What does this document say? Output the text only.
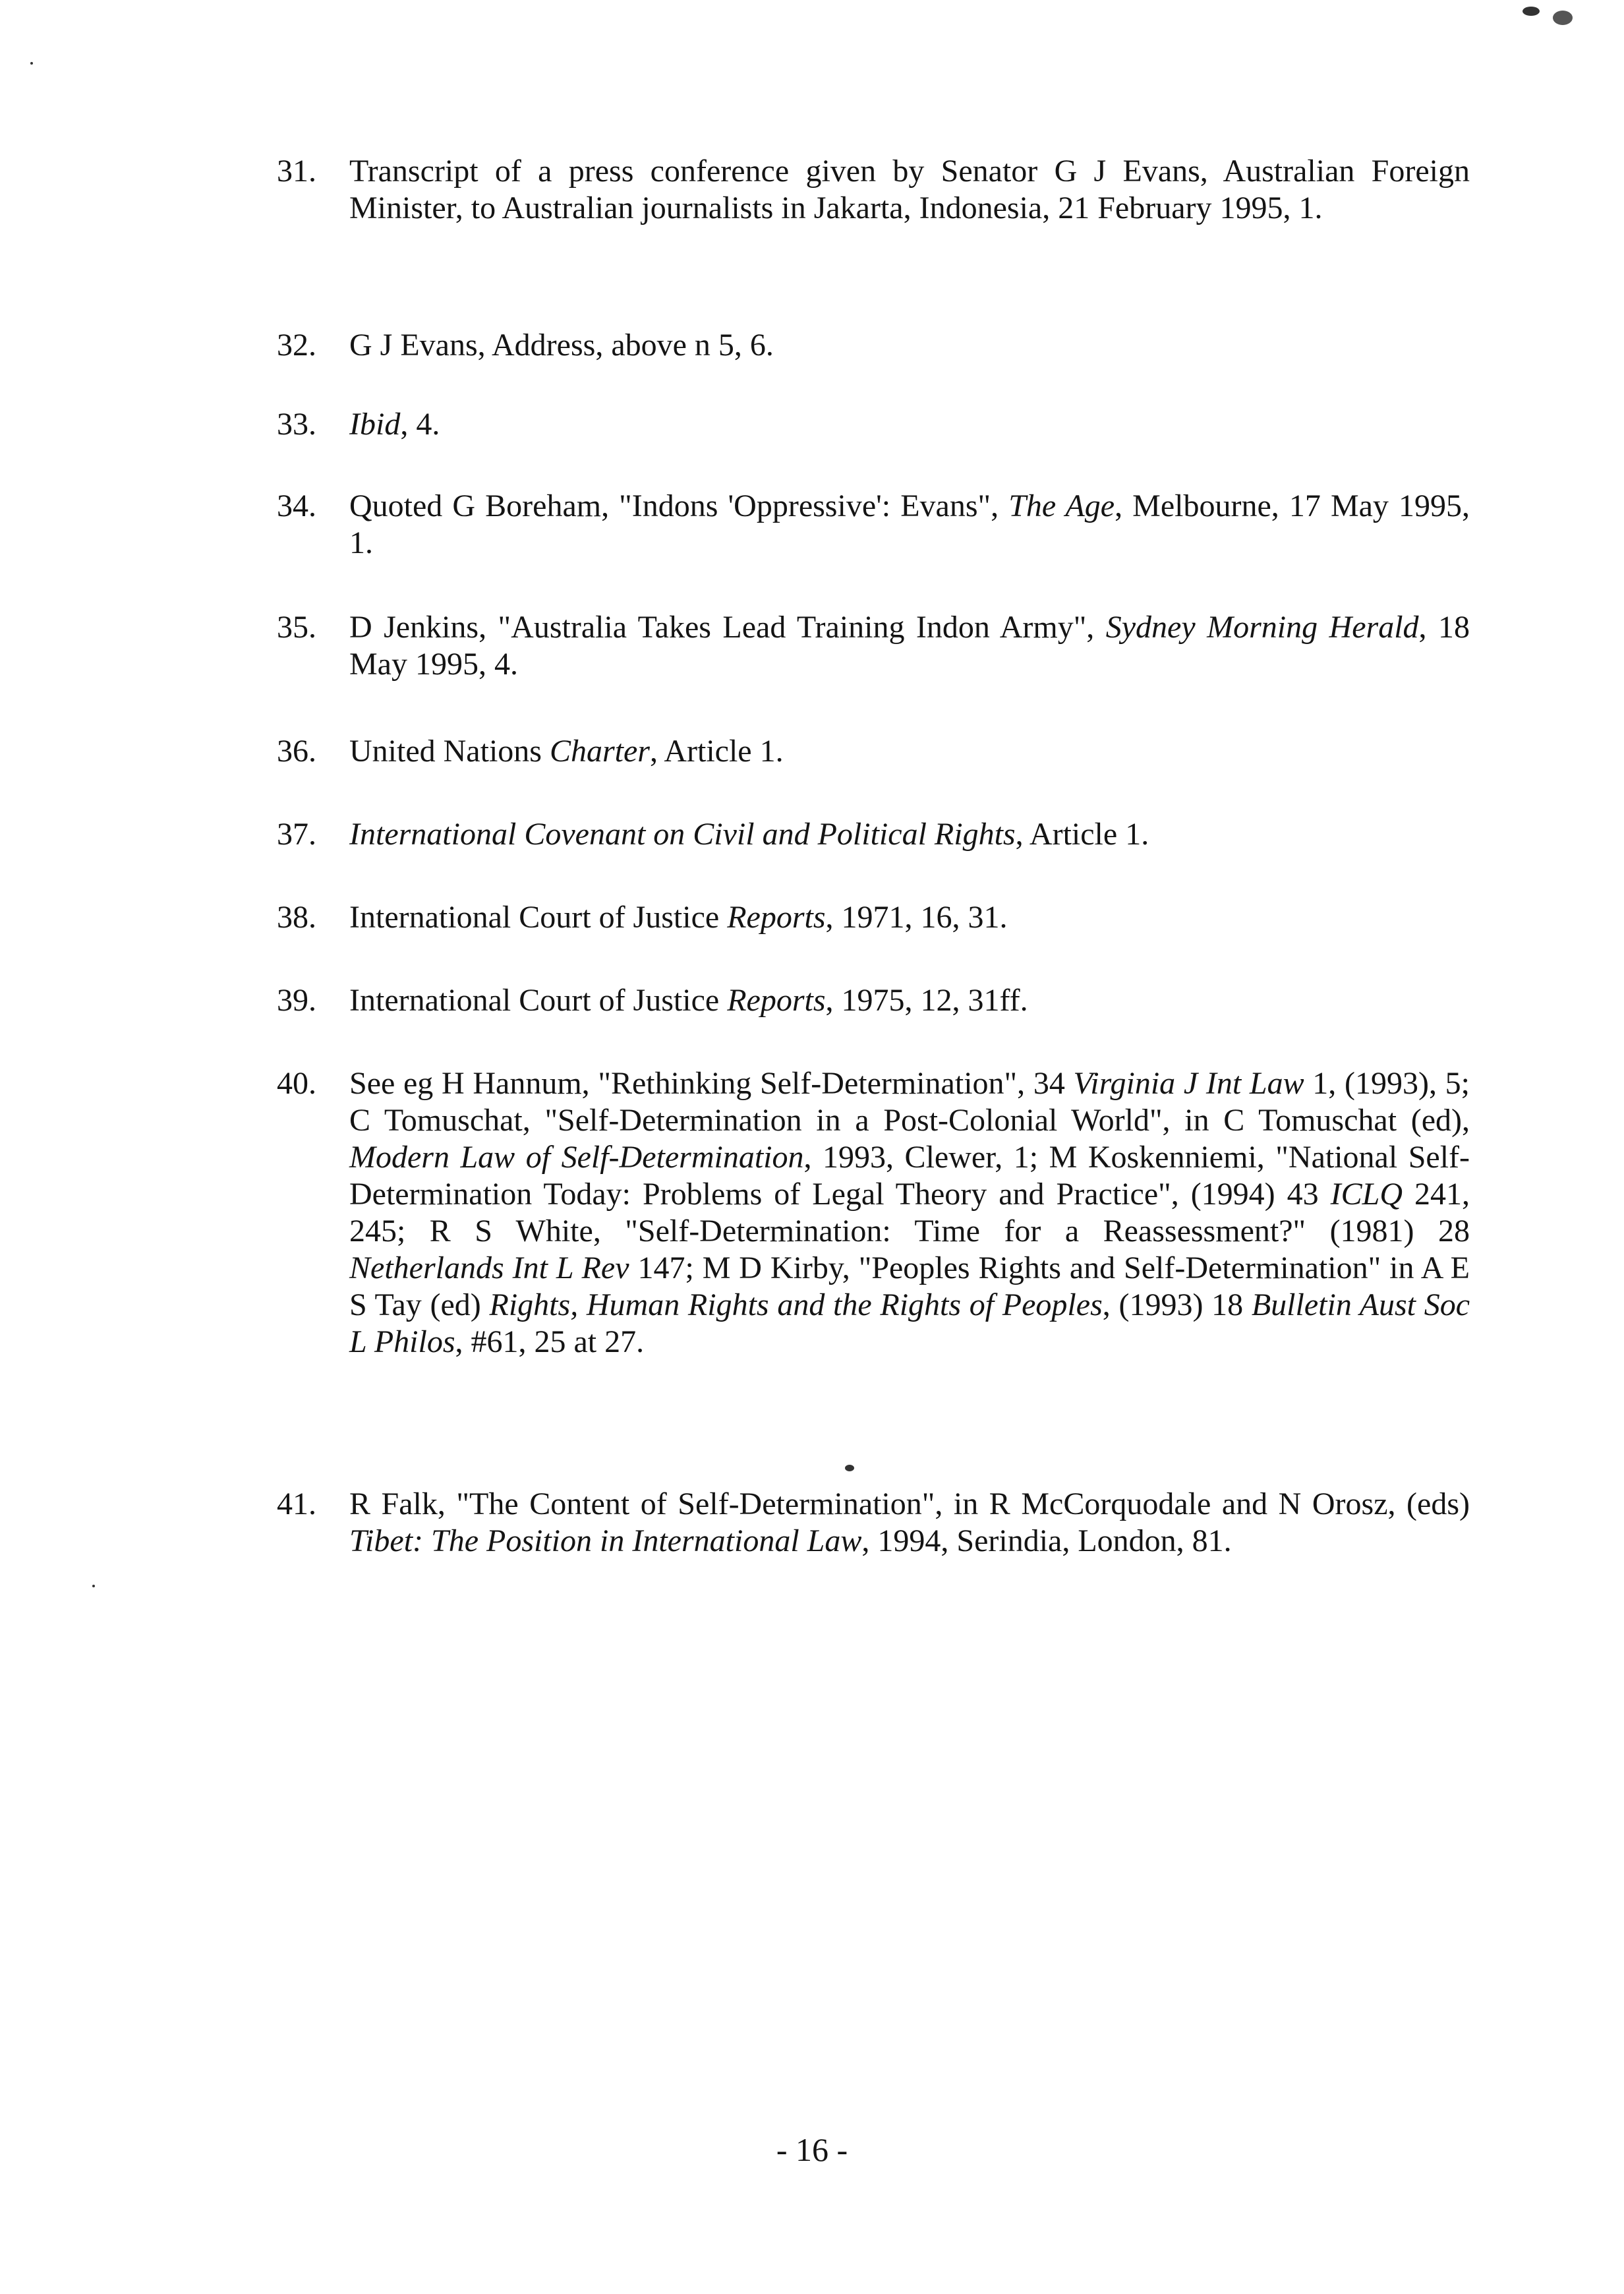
31.	Transcript of a press conference given by Senator G J Evans, Australian Foreign Minister, to Australian journalists in Jakarta, Indonesia, 21 February 1995, 1.
32.	G J Evans, Address, above n 5, 6.
33.	Ibid, 4.
34.	Quoted G Boreham, "Indons 'Oppressive': Evans", The Age, Melbourne, 17 May 1995, 1.
35.	D Jenkins, "Australia Takes Lead Training Indon Army", Sydney Morning Herald, 18 May 1995, 4.
36.	United Nations Charter, Article 1.
37.	International Covenant on Civil and Political Rights, Article 1.
38.	International Court of Justice Reports, 1971, 16, 31.
39.	International Court of Justice Reports, 1975, 12, 31ff.
40.	See eg H Hannum, "Rethinking Self-Determination", 34 Virginia J Int Law 1, (1993), 5; C Tomuschat, "Self-Determination in a Post-Colonial World", in C Tomuschat (ed), Modern Law of Self-Determination, 1993, Clewer, 1; M Koskenniemi, "National Self-Determination Today: Problems of Legal Theory and Practice", (1994) 43 ICLQ 241, 245; R S White, "Self-Determination: Time for a Reassessment?" (1981) 28 Netherlands Int L Rev 147; M D Kirby, "Peoples Rights and Self-Determination" in A E S Tay (ed) Rights, Human Rights and the Rights of Peoples, (1993) 18 Bulletin Aust Soc L Philos, #61, 25 at 27.
41.	R Falk, "The Content of Self-Determination", in R McCorquodale and N Orosz, (eds) Tibet: The Position in International Law, 1994, Serindia, London, 81.
- 16 -
